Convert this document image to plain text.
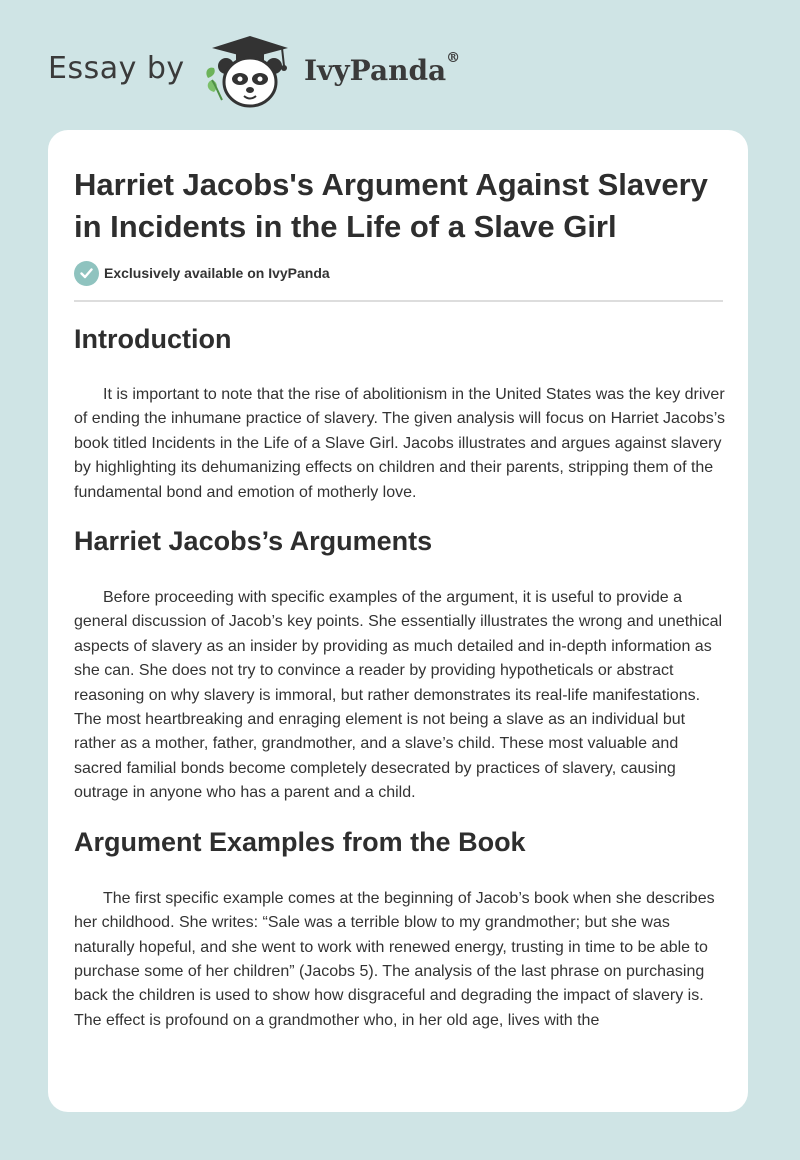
Essay by	IvyPanda®
Harriet Jacobs's Argument Against Slavery in Incidents in the Life of a Slave Girl
Exclusively available on IvyPanda
Introduction

It is important to note that the rise of abolitionism in the United States was the key driver of ending the inhumane practice of slavery. The given analysis will focus on Harriet Jacobs’s book titled Incidents in the Life of a Slave Girl. Jacobs illustrates and argues against slavery by highlighting its dehumanizing effects on children and their parents, stripping them of the fundamental bond and emotion of motherly love.

Harriet Jacobs’s Arguments

Before proceeding with specific examples of the argument, it is useful to provide a general discussion of Jacob’s key points. She essentially illustrates the wrong and unethical aspects of slavery as an insider by providing as much detailed and in-depth information as she can. She does not try to convince a reader by providing hypotheticals or abstract reasoning on why slavery is immoral, but rather demonstrates its real-life manifestations. The most heartbreaking and enraging element is not being a slave as an individual but rather as a mother, father, grandmother, and a slave’s child. These most valuable and sacred familial bonds become completely desecrated by practices of slavery, causing outrage in anyone who has a parent and a child.

Argument Examples from the Book

The first specific example comes at the beginning of Jacob’s book when she describes her childhood. She writes: “Sale was a terrible blow to my grandmother; but she was naturally hopeful, and she went to work with renewed energy, trusting in time to be able to purchase some of her children” (Jacobs 5). The analysis of the last phrase on purchasing back the children is used to show how disgraceful and degrading the impact of slavery is. The effect is profound on a grandmother who, in her old age, lives with the
